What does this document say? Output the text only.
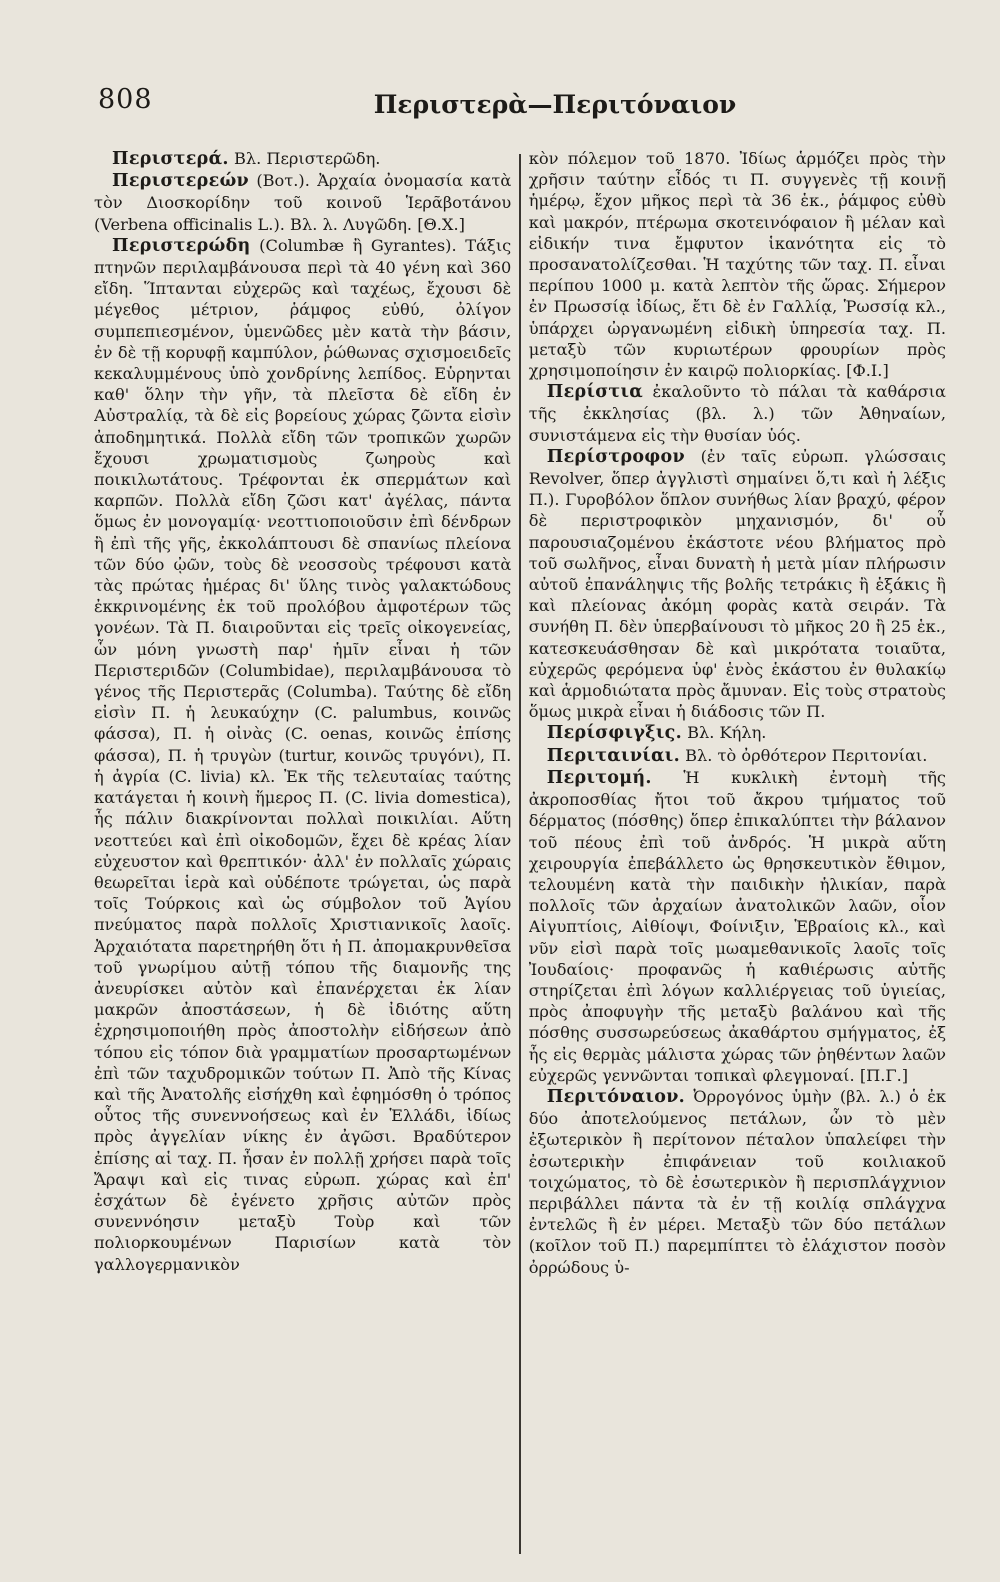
808	Περιστερὰ—Περιτόναιον

Περιστερά. Βλ. Περιστερῶδη.

Περιστερεών (Βοτ.). Ἀρχαία ὀνομασία κατὰ τὸν Διοσκορίδην τοῦ κοινοῦ Ἱερᾶβοτάνου (Verbena officinalis L.). Βλ. λ. Λυγῶδη. [Θ.Χ.]

Περιστερώδη (Columbæ ἢ Gyrantes). Τάξις πτηνῶν περιλαμβάνουσα περὶ τὰ 40 γένη καὶ 360 εἴδη. Ἵπτανται εὐχερῶς καὶ ταχέως, ἔχουσι δὲ μέγεθος μέτριον, ῥάμφος εὐθύ, ὀλίγον συμπεπιεσμένον, ὑμενῶδες μὲν κατὰ τὴν βάσιν, ἐν δὲ τῇ κορυφῇ καμπύλον, ῥώθωνας σχισμοειδεῖς κεκαλυμμένους ὑπὸ χονδρίνης λεπίδος. Εὑρηνται καθ' ὅλην τὴν γῆν, τὰ πλεῖστα δὲ εἴδη ἐν Αὐστραλίᾳ, τὰ δὲ εἰς βορείους χώρας ζῶντα εἰσὶν ἀποδημητικά. Πολλὰ εἴδη τῶν τροπικῶν χωρῶν ἔχουσι χρωματισμοὺς ζωηροὺς καὶ ποικιλωτάτους. Τρέφονται ἐκ σπερμάτων καὶ καρπῶν. Πολλὰ εἴδη ζῶσι κατ' ἀγέλας, πάντα ὅμως ἐν μονογαμίᾳ· νεοττιοποιοῦσιν ἐπὶ δένδρων ἢ ἐπὶ τῆς γῆς, ἐκκολάπτουσι δὲ σπανίως πλείονα τῶν δύο ᾠῶν, τοὺς δὲ νεοσσοὺς τρέφουσι κατὰ τὰς πρώτας ἡμέρας δι' ὕλης τινὸς γαλακτώδους ἐκκρινομένης ἐκ τοῦ προλόβου ἀμφοτέρων τῶς γονέων. Τὰ Π. διαιροῦνται εἰς τρεῖς οἰκογενείας, ὧν μόνη γνωστὴ παρ' ἡμῖν εἶναι ἡ τῶν Περιστεριδῶν (Columbidae), περιλαμβάνουσα τὸ γένος τῆς Περιστερᾶς (Columba). Ταύτης δὲ εἴδη εἰσὶν Π. ἡ λευκαύχην (C. palumbus, κοινῶς φάσσα), Π. ἡ οἰνὰς (C. oenas, κοινῶς ἐπίσης φάσσα), Π. ἡ τρυγὼν (turtur, κοινῶς τρυγόνι), Π. ἡ ἀγρία (C. livia) κλ. Ἐκ τῆς τελευταίας ταύτης κατάγεται ἡ κοινὴ ἥμερος Π. (C. livia domestica), ἧς πάλιν διακρίνονται πολλαὶ ποικιλίαι. Αὕτη νεοττεύει καὶ ἐπὶ οἰκοδομῶν, ἔχει δὲ κρέας λίαν εὐχευστον καὶ θρεπτικόν· ἀλλ' ἐν πολλαῖς χώραις θεωρεῖται ἱερὰ καὶ οὐδέποτε τρώγεται, ὡς παρὰ τοῖς Τούρκοις καὶ ὡς σύμβολον τοῦ Ἁγίου πνεύματος παρὰ πολλοῖς Χριστιανικοῖς λαοῖς. Ἀρχαιότατα παρετηρήθη ὅτι ἡ Π. ἀπομακρυνθεῖσα τοῦ γνωρίμου αὐτῇ τόπου τῆς διαμονῆς της ἀνευρίσκει αὐτὸν καὶ ἐπανέρχεται ἐκ λίαν μακρῶν ἀποστάσεων, ἡ δὲ ἰδιότης αὕτη ἐχρησιμοποιήθη πρὸς ἀποστολὴν εἰδήσεων ἀπὸ τόπου εἰς τόπον διὰ γραμματίων προσαρτωμένων ἐπὶ τῶν ταχυδρομικῶν τούτων Π. Ἀπὸ τῆς Κίνας καὶ τῆς Ἀνατολῆς εἰσήχθη καὶ ἐφημόσθη ὁ τρόπος οὗτος τῆς συνεννοήσεως καὶ ἐν Ἑλλάδι, ἰδίως πρὸς ἀγγελίαν νίκης ἐν ἀγῶσι. Βραδύτερον ἐπίσης αἱ ταχ. Π. ἦσαν ἐν πολλῇ χρήσει παρὰ τοῖς Ἄραψι καὶ εἰς τινας εὐρωπ. χώρας καὶ ἐπ' ἐσχάτων δὲ ἐγένετο χρῆσις αὐτῶν πρὸς συνεννόησιν μεταξὺ Τοὺρ καὶ τῶν πολιορκουμένων Παρισίων κατὰ τὸν γαλλογερμανικὸν

κὸν πόλεμον τοῦ 1870. Ἰδίως ἁρμόζει πρὸς τὴν χρῆσιν ταύτην εἶδός τι Π. συγγενὲς τῇ κοινῇ ἡμέρῳ, ἔχον μῆκος περὶ τὰ 36 ἑκ., ῥάμφος εὐθὺ καὶ μακρόν, πτέρωμα σκοτεινόφαιον ἢ μέλαν καὶ εἰδικήν τινα ἔμφυτον ἱκανότητα εἰς τὸ προσανατολίζεσθαι. Ἡ ταχύτης τῶν ταχ. Π. εἶναι περίπου 1000 μ. κατὰ λεπτὸν τῆς ὥρας. Σήμερον ἐν Πρωσσίᾳ ἰδίως, ἔτι δὲ ἐν Γαλλίᾳ, Ῥωσσίᾳ κλ., ὑπάρχει ὠργανωμένη εἰδικὴ ὑπηρεσία ταχ. Π. μεταξὺ τῶν κυριωτέρων φρουρίων πρὸς χρησιμοποίησιν ἐν καιρῷ πολιορκίας. [Φ.Ι.]

Περίστια ἐκαλοῦντο τὸ πάλαι τὰ καθάρσια τῆς ἐκκλησίας (βλ. λ.) τῶν Ἀθηναίων, συνιστάμενα εἰς τὴν θυσίαν ὑός.

Περίστροφον (ἐν ταῖς εὐρωπ. γλώσσαις Revolver, ὅπερ ἀγγλιστὶ σημαίνει ὅ,τι καὶ ἡ λέξις Π.). Γυροβόλον ὅπλον συνήθως λίαν βραχύ, φέρον δὲ περιστροφικὸν μηχανισμόν, δι' οὗ παρουσιαζομένου ἑκάστοτε νέου βλήματος πρὸ τοῦ σωλῆνος, εἶναι δυνατὴ ἡ μετὰ μίαν πλήρωσιν αὐτοῦ ἐπανάληψις τῆς βολῆς τετράκις ἢ ἑξάκις ἢ καὶ πλείονας ἀκόμη φορὰς κατὰ σειράν. Τὰ συνήθη Π. δὲν ὑπερβαίνουσι τὸ μῆκος 20 ἢ 25 ἑκ., κατεσκευάσθησαν δὲ καὶ μικρότατα τοιαῦτα, εὐχερῶς φερόμενα ὑφ' ἑνὸς ἑκάστου ἐν θυλακίῳ καὶ ἁρμοδιώτατα πρὸς ἄμυναν. Εἰς τοὺς στρατοὺς ὅμως μικρὰ εἶναι ἡ διάδοσις τῶν Π.

Περίσφιγξις. Βλ. Κήλη.

Περιταινίαι. Βλ. τὸ ὀρθότερον Περιτονίαι.

Περιτομή. Ἡ κυκλικὴ ἐντομὴ τῆς ἀκροποσθίας ἤτοι τοῦ ἄκρου τμήματος τοῦ δέρματος (πόσθης) ὅπερ ἐπικαλύπτει τὴν βάλανον τοῦ πέους ἐπὶ τοῦ ἀνδρός. Ἡ μικρὰ αὕτη χειρουργία ἐπεβάλλετο ὡς θρησκευτικὸν ἔθιμον, τελουμένη κατὰ τὴν παιδικὴν ἡλικίαν, παρὰ πολλοῖς τῶν ἀρχαίων ἀνατολικῶν λαῶν, οἷον Αἰγυπτίοις, Αἰθίοψι, Φοίνιξιν, Ἑβραίοις κλ., καὶ νῦν εἰσὶ παρὰ τοῖς μωαμεθανικοῖς λαοῖς τοῖς Ἰουδαίοις· προφανῶς ἡ καθιέρωσις αὐτῆς στηρίζεται ἐπὶ λόγων καλλιέργειας τοῦ ὑγιείας, πρὸς ἀποφυγὴν τῆς μεταξὺ βαλάνου καὶ τῆς πόσθης συσσωρεύσεως ἀκαθάρτου σμήγματος, ἐξ ἧς εἰς θερμὰς μάλιστα χώρας τῶν ῥηθέντων λαῶν εὐχερῶς γεννῶνται τοπικαὶ φλεγμοναί. [Π.Γ.]

Περιτόναιον. Ὀρρογόνος ὑμὴν (βλ. λ.) ὁ ἐκ δύο ἀποτελούμενος πετάλων, ὧν τὸ μὲν ἐξωτερικὸν ἢ περίτονον πέταλον ὑπαλείφει τὴν ἐσωτερικὴν ἐπιφάνειαν τοῦ κοιλιακοῦ τοιχώματος, τὸ δὲ ἐσωτερικὸν ἢ περισπλάγχνιον περιβάλλει πάντα τὰ ἐν τῇ κοιλίᾳ σπλάγχνα ἐντελῶς ἢ ἐν μέρει. Μεταξὺ τῶν δύο πετάλων (κοῖλον τοῦ Π.) παρεμπίπτει τὸ ἐλάχιστον ποσὸν ὀρρώδους ὑ-
